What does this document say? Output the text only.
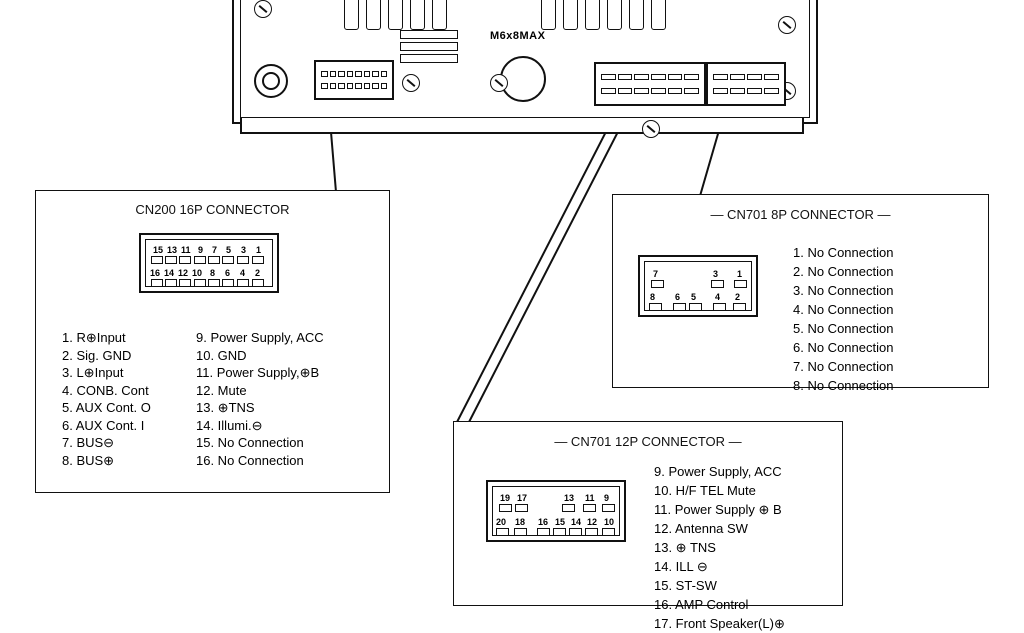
M6x8MAX
CN200 16P CONNECTOR
15 13 11 9 7 5 3 1
16 14 12 10 8 6 4 2
1. R⊕Input
2. Sig. GND
3. L⊕Input
4. CONB. Cont
5. AUX Cont. O
6. AUX Cont. I
7. BUS⊖
8. BUS⊕
9. Power Supply, ACC
10. GND
11. Power Supply,⊕B
12. Mute
13. ⊕TNS
14. Illumi.⊖
15. No Connection
16. No Connection
— CN701 8P CONNECTOR —
7	3 1
8 6 5 4 2
1. No Connection
2. No Connection
3. No Connection
4. No Connection
5. No Connection
6. No Connection
7. No Connection
8. No Connection
— CN701 12P CONNECTOR —
19 17	13 11 9
20 18 16 15 14 12 10
9. Power Supply, ACC
10. H/F TEL Mute
11. Power Supply ⊕ B
12. Antenna SW
13. ⊕ TNS
14. ILL ⊖
15. ST-SW
16. AMP Control
17. Front Speaker(L)⊕
